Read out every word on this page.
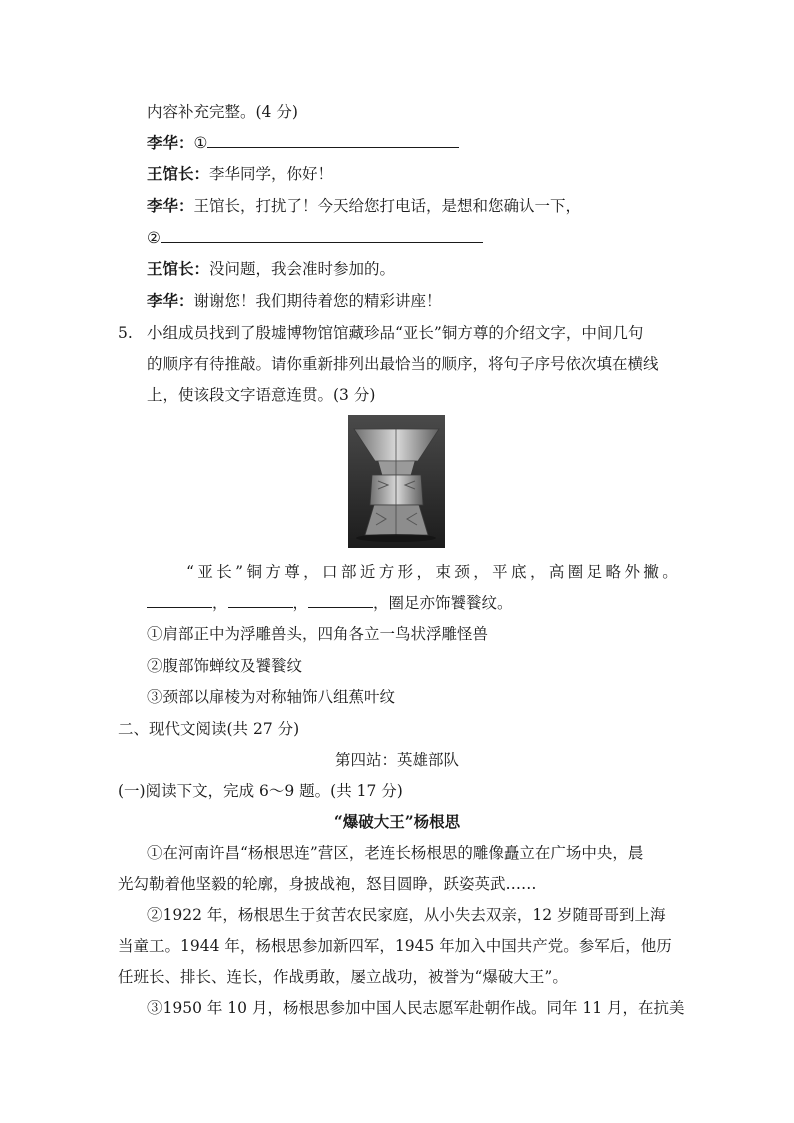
内容补充完整。(4 分)
李华：①
王馆长：李华同学，你好！
李华：王馆长，打扰了！今天给您打电话，是想和您确认一下，
②
王馆长：没问题，我会准时参加的。
李华：谢谢您！我们期待着您的精彩讲座！
5. 小组成员找到了殷墟博物馆馆藏珍品“亚长”铜方尊的介绍文字，中间几句
的顺序有待推敲。请你重新排列出最恰当的顺序，将句子序号依次填在横线
上，使该段文字语意连贯。(3 分)
“亚长”铜方尊，口部近方形，束颈，平底，高圈足略外撇。
，	，	，圈足亦饰饕餮纹。
①肩部正中为浮雕兽头，四角各立一鸟状浮雕怪兽
②腹部饰蝉纹及饕餮纹
③颈部以扉棱为对称轴饰八组蕉叶纹
二、现代文阅读(共 27 分)
第四站：英雄部队
(一)阅读下文，完成 6～9 题。(共 17 分)
“爆破大王”杨根思
①在河南许昌“杨根思连”营区，老连长杨根思的雕像矗立在广场中央，晨
光勾勒着他坚毅的轮廓，身披战袍，怒目圆睁，跃姿英武……
②1922 年，杨根思生于贫苦农民家庭，从小失去双亲，12 岁随哥哥到上海
当童工。1944 年，杨根思参加新四军，1945 年加入中国共产党。参军后，他历
任班长、排长、连长，作战勇敢，屡立战功，被誉为“爆破大王”。
③1950 年 10 月，杨根思参加中国人民志愿军赴朝作战。同年 11 月，在抗美
